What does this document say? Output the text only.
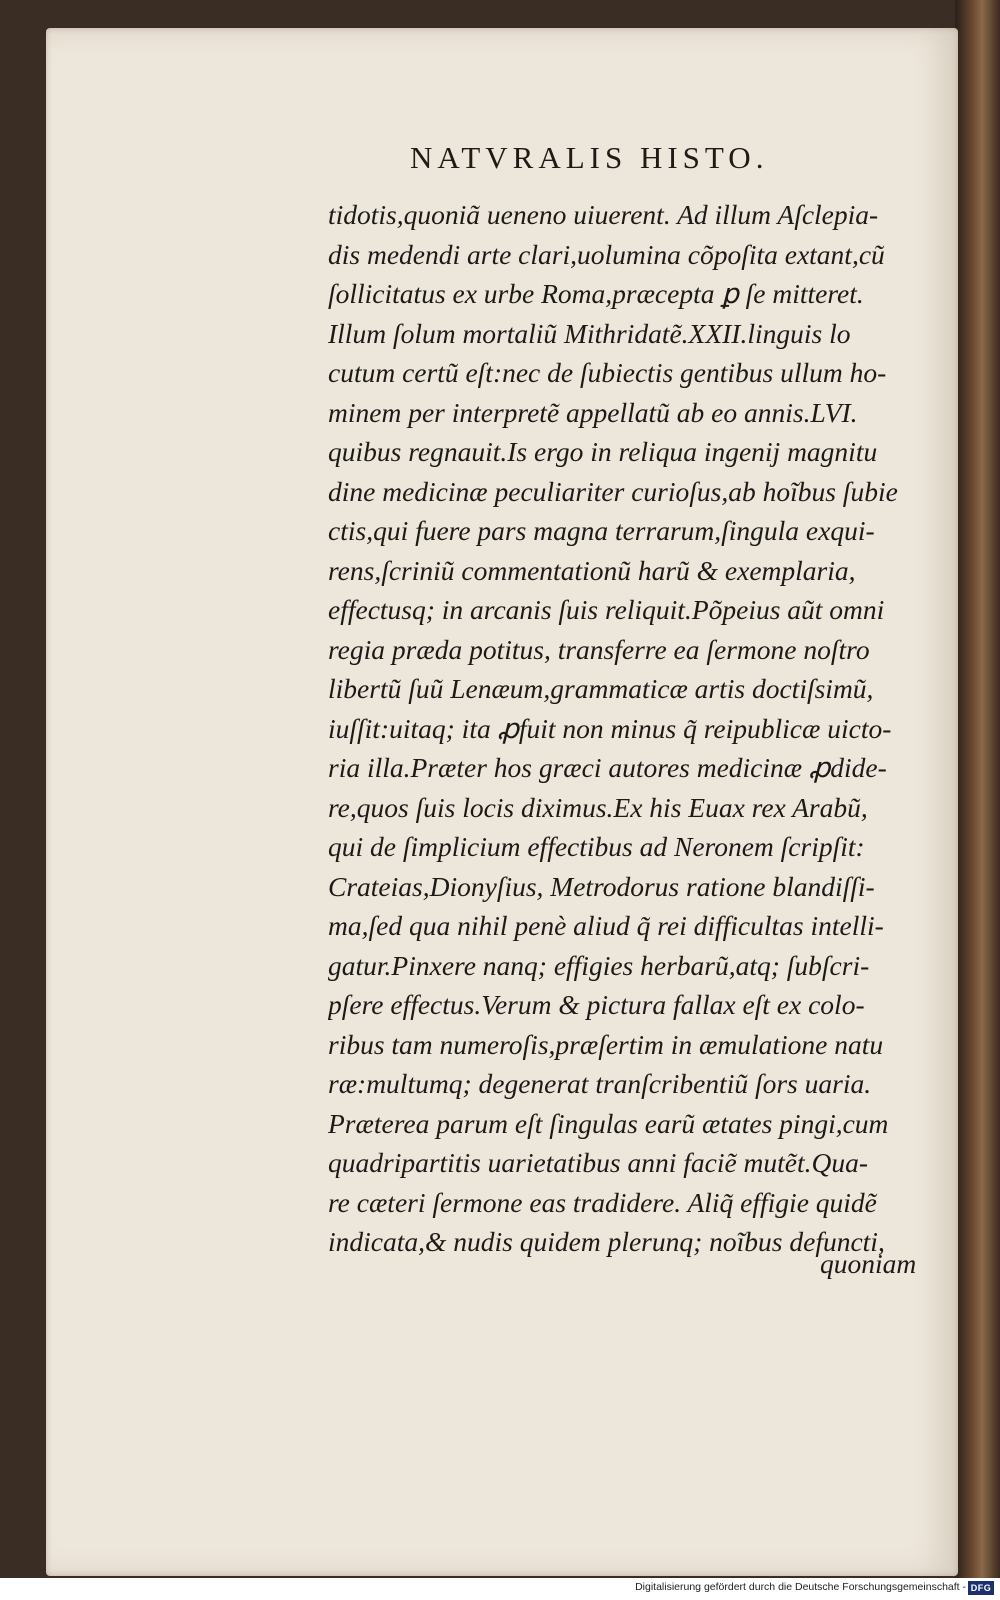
NATVRALIS HISTO.
tidotis,quoniã ueneno uiuerent. Ad illum Aſclepia-
dis medendi arte clari,uolumina cõpoſita extant,cũ
ſollicitatus ex urbe Roma,præcepta ꝑ ſe mitteret.
Illum ſolum mortaliũ Mithridatẽ.XXII.linguis lo
cutum certũ eſt:nec de ſubiectis gentibus ullum ho-
minem per interpretẽ appellatũ ab eo annis.LVI.
quibus regnauit.Is ergo in reliqua ingenij magnitu
dine medicinæ peculiariter curioſus,ab hoĩbus ſubie
ctis,qui fuere pars magna terrarum,ſingula exqui-
rens,ſcriniũ commentationũ harũ & exemplaria,
effectusq; in arcanis ſuis reliquit.Põpeius aũt omni
regia præda potitus, transferre ea ſermone noſtro
libertũ ſuũ Lenæum,grammaticæ artis doctiſsimũ,
iuſſit:uitaq; ita ꝓfuit non minus q̃ reipublicæ uicto-
ria illa.Præter hos græci autores medicinæ ꝓdide-
re,quos ſuis locis diximus.Ex his Euax rex Arabũ,
qui de ſimplicium effectibus ad Neronem ſcripſit:
Crateias,Dionyſius, Metrodorus ratione blandiſſi-
ma,ſed qua nihil penè aliud q̃ rei difficultas intelli-
gatur.Pinxere nanq; effigies herbarũ,atq; ſubſcri-
pſere effectus.Verum & pictura fallax eſt ex colo-
ribus tam numeroſis,præſertim in æmulatione natu
ræ:multumq; degenerat tranſcribentiũ ſors uaria.
Præterea parum eſt ſingulas earũ ætates pingi,cum
quadripartitis uarietatibus anni faciẽ mutẽt.Qua-
re cæteri ſermone eas tradidere. Aliq̃ effigie quidẽ
indicata,& nudis quidem plerunq; noĩbus defuncti,
quoniam
Digitalisierung gefördert durch die Deutsche Forschungsgemeinschaft - DFG
